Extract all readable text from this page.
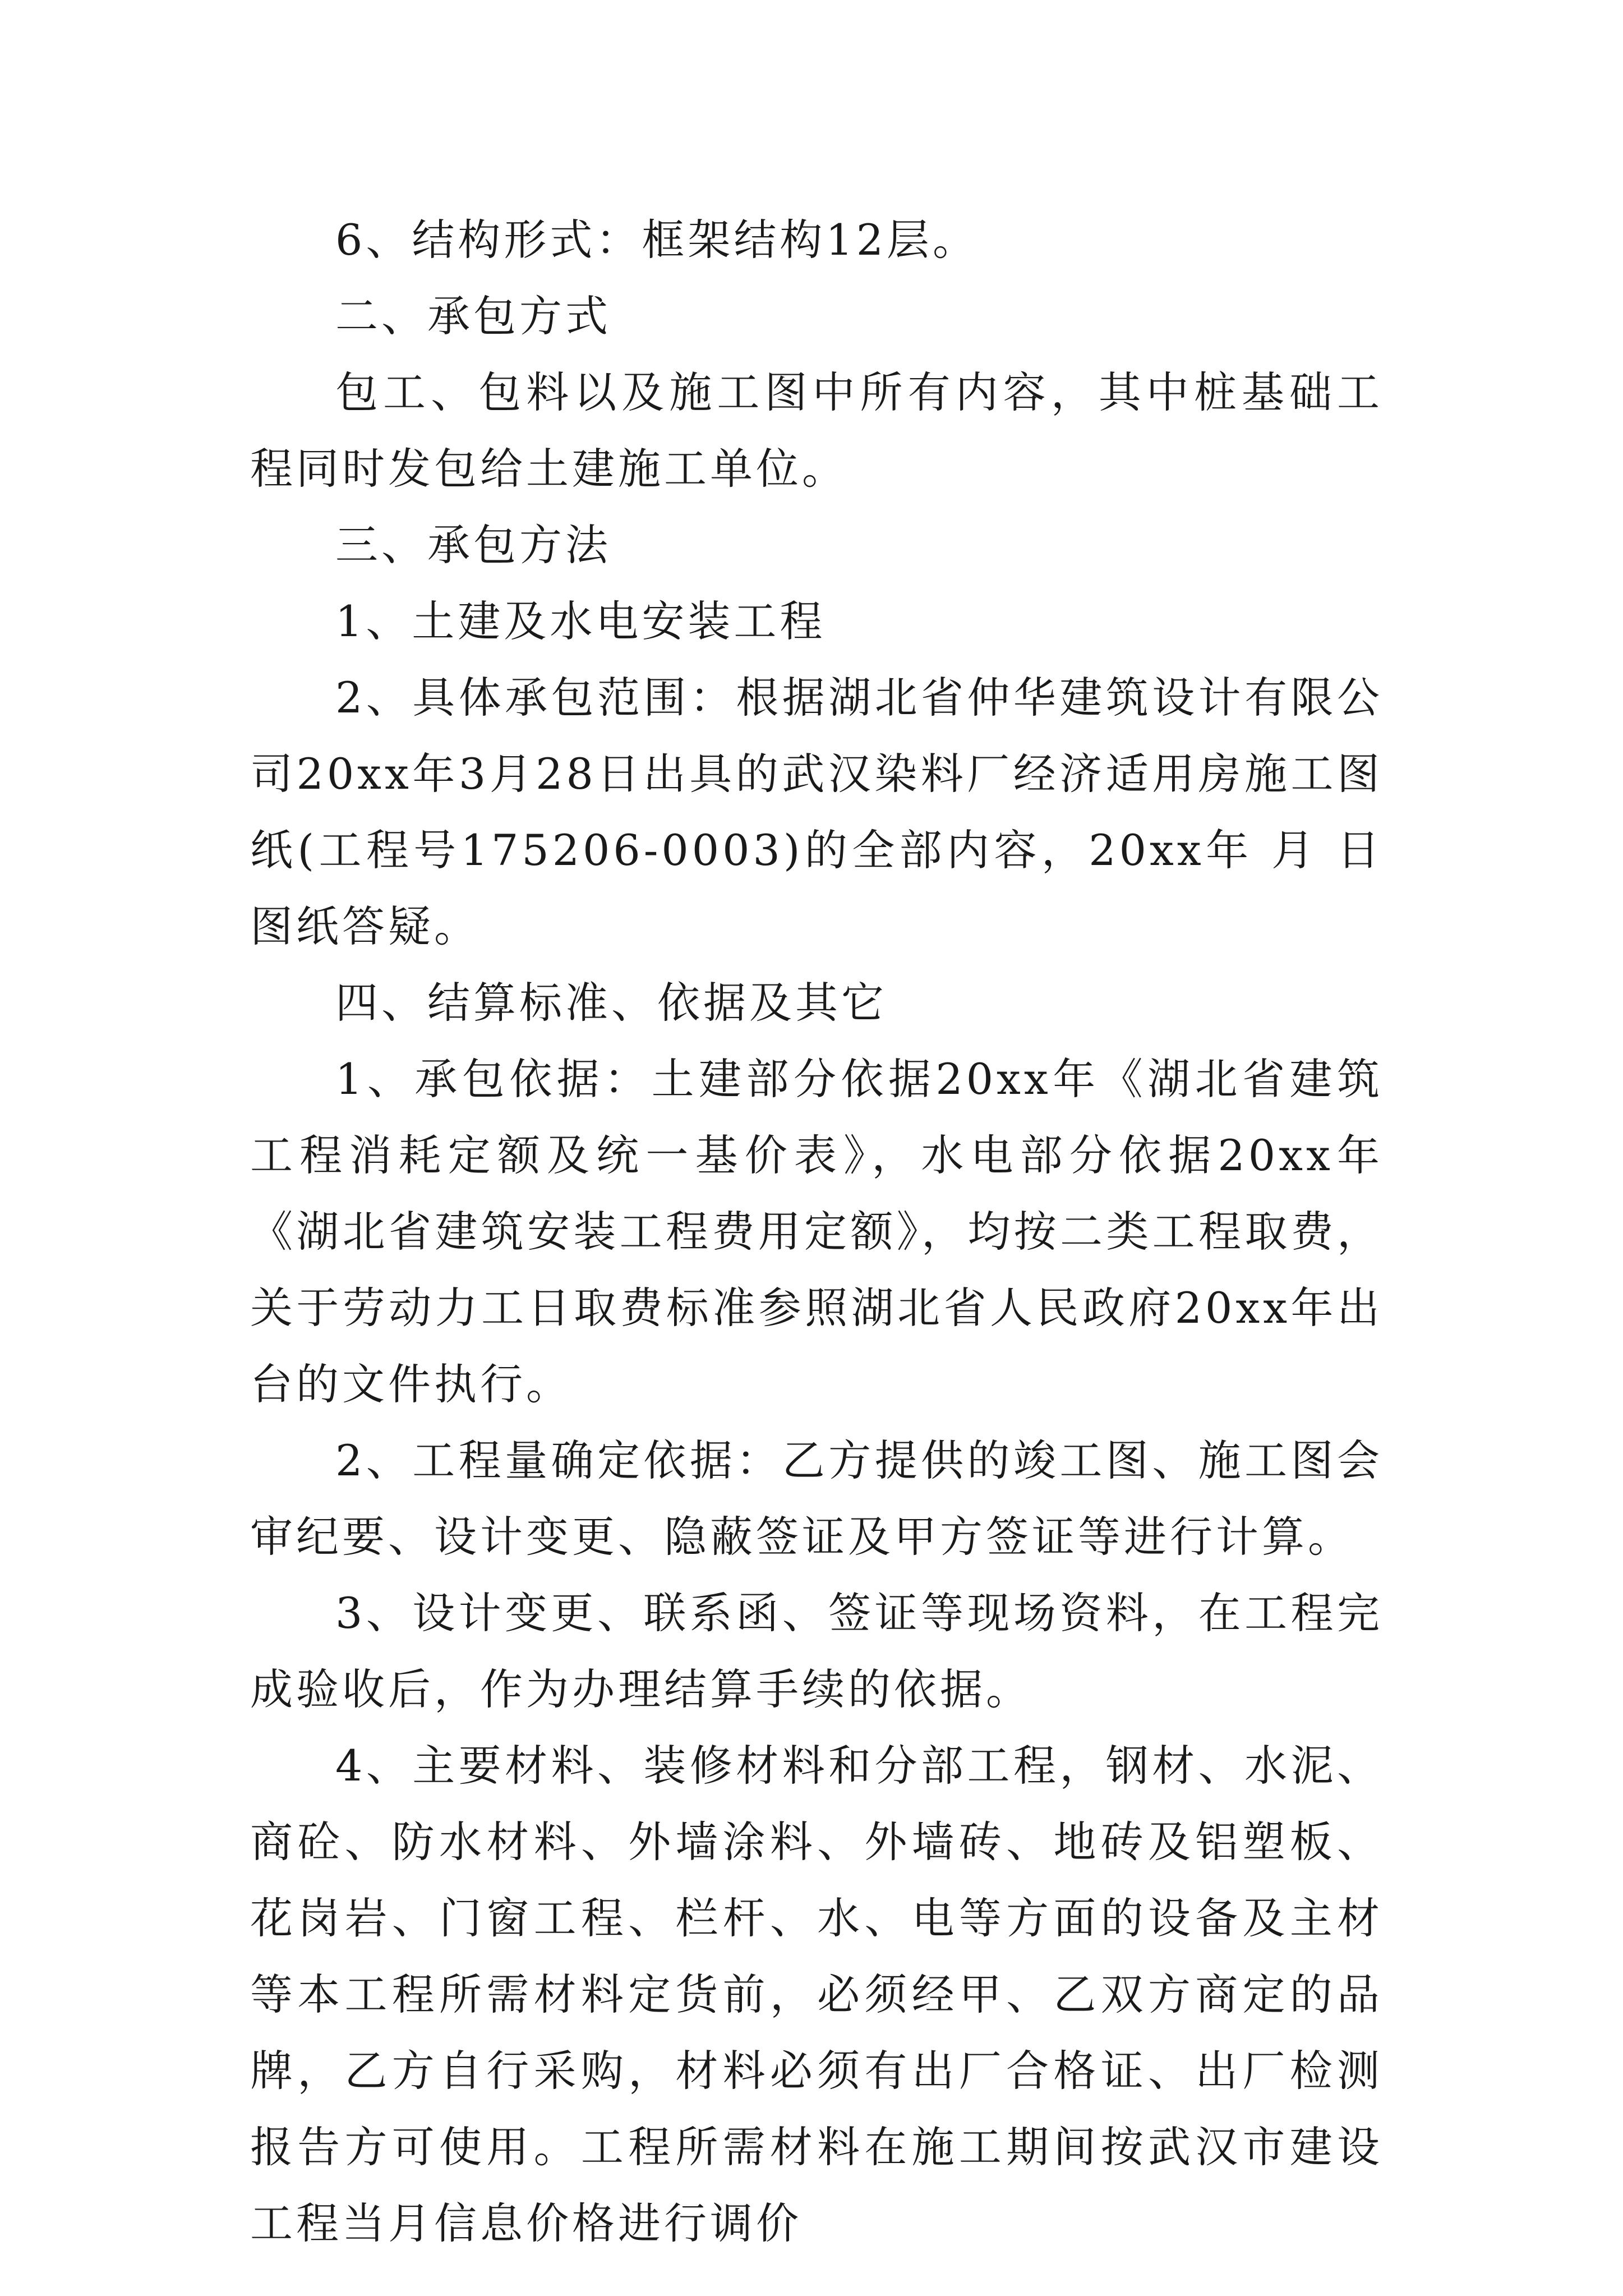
6、结构形式：框架结构12层。

二、承包方式

包工、包料以及施工图中所有内容，其中桩基础工程同时发包给土建施工单位。

三、承包方法

1、土建及水电安装工程

2、具体承包范围：根据湖北省仲华建筑设计有限公司20xx年3月28日出具的武汉染料厂经济适用房施工图纸(工程号175206-0003)的全部内容，20xx年 月 日图纸答疑。

四、结算标准、依据及其它

1、承包依据：土建部分依据20xx年《湖北省建筑工程消耗定额及统一基价表》，水电部分依据20xx年《湖北省建筑安装工程费用定额》，均按二类工程取费，关于劳动力工日取费标准参照湖北省人民政府20xx年出台的文件执行。

2、工程量确定依据：乙方提供的竣工图、施工图会审纪要、设计变更、隐蔽签证及甲方签证等进行计算。

3、设计变更、联系函、签证等现场资料，在工程完成验收后，作为办理结算手续的依据。

4、主要材料、装修材料和分部工程，钢材、水泥、商砼、防水材料、外墙涂料、外墙砖、地砖及铝塑板、花岗岩、门窗工程、栏杆、水、电等方面的设备及主材等本工程所需材料定货前，必须经甲、乙双方商定的品牌，乙方自行采购，材料必须有出厂合格证、出厂检测报告方可使用。工程所需材料在施工期间按武汉市建设工程当月信息价格进行调价
